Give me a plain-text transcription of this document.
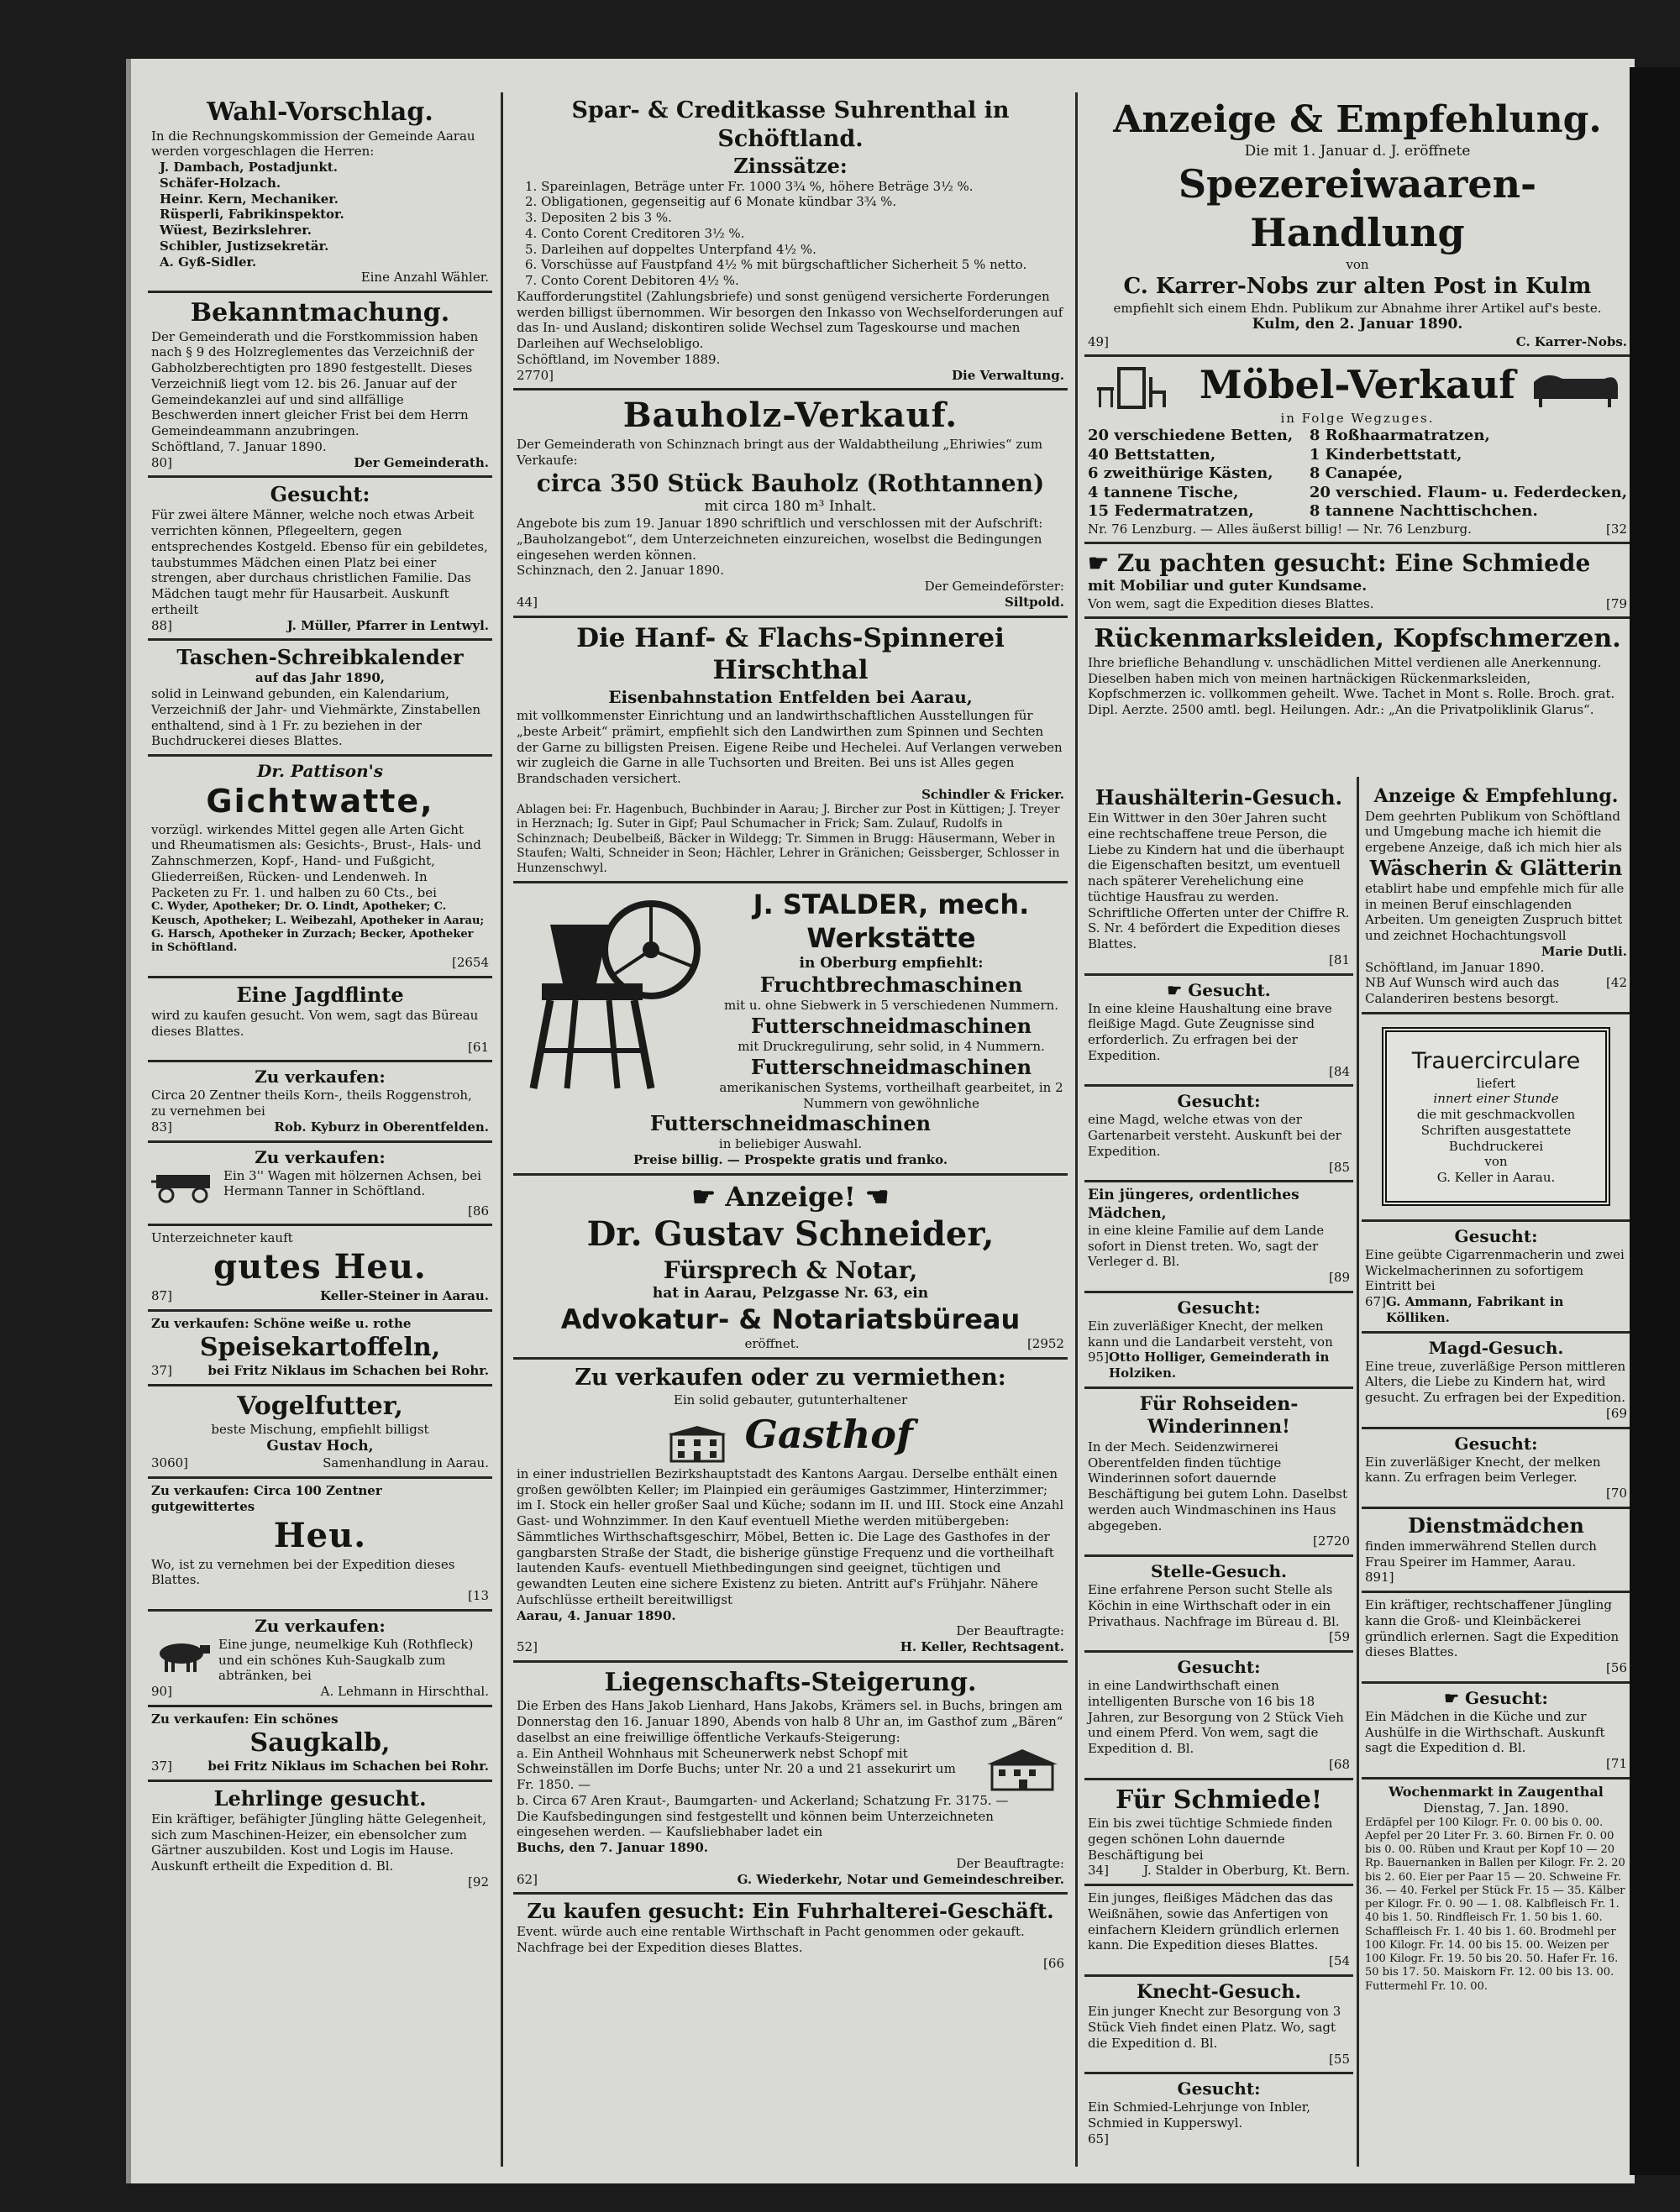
Wahl-Vorschlag.

In die Rechnungskommission der Gemeinde Aarau werden vorgeschlagen die Herren:

J. Dambach, Postadjunkt.

Schäfer-Holzach.

Heinr. Kern, Mechaniker.

Rüsperli, Fabrikinspektor.

Wüest, Bezirkslehrer.

Schibler, Justizsekretär.

A. Gyß-Sidler.

Eine Anzahl Wähler.

Bekanntmachung.

Der Gemeinderath und die Forstkommission haben nach § 9 des Holzreglementes das Verzeichniß der Gabholzberechtigten pro 1890 festgestellt. Dieses Verzeichniß liegt vom 12. bis 26. Januar auf der Gemeindekanzlei auf und sind allfällige Beschwerden innert gleicher Frist bei dem Herrn Gemeindeammann anzubringen.

Schöftland, 7. Januar 1890.

80]	Der Gemeinderath.
Gesucht:

Für zwei ältere Männer, welche noch etwas Arbeit verrichten können, Pflegeeltern, gegen entsprechendes Kostgeld. Ebenso für ein gebildetes, taubstummes Mädchen einen Platz bei einer strengen, aber durchaus christlichen Familie. Das Mädchen taugt mehr für Hausarbeit. Auskunft ertheilt

88]	J. Müller, Pfarrer in Lentwyl.
Taschen-Schreibkalender
auf das Jahr 1890,

solid in Leinwand gebunden, ein Kalendarium, Verzeichniß der Jahr- und Viehmärkte, Zinstabellen enthaltend, sind à 1 Fr. zu beziehen in der Buchdruckerei dieses Blattes.

Dr. Pattison's
Gichtwatte,

vorzügl. wirkendes Mittel gegen alle Arten Gicht und Rheumatismen als: Gesichts-, Brust-, Hals- und Zahnschmerzen, Kopf-, Hand- und Fußgicht, Gliederreißen, Rücken- und Lendenweh. In Packeten zu Fr. 1. und halben zu 60 Cts., bei

C. Wyder, Apotheker; Dr. O. Lindt, Apotheker; C. Keusch, Apotheker; L. Weibezahl, Apotheker in Aarau; G. Harsch, Apotheker in Zurzach; Becker, Apotheker in Schöftland.

[2654

Eine Jagdflinte

wird zu kaufen gesucht. Von wem, sagt das Büreau dieses Blattes.

[61

Zu verkaufen:

Circa 20 Zentner theils Korn-, theils Roggenstroh, zu vernehmen bei

83]	Rob. Kyburz in Oberentfelden.
Zu verkaufen:

Ein 3'' Wagen mit hölzernen Achsen, bei Hermann Tanner in Schöftland.

[86

Unterzeichneter kauft

gutes Heu.
87]	Keller-Steiner in Aarau.

Zu verkaufen: Schöne weiße u. rothe

Speisekartoffeln,
37]	bei Fritz Niklaus im Schachen bei Rohr.
Vogelfutter,

beste Mischung, empfiehlt billigst

Gustav Hoch,

3060]	Samenhandlung in Aarau.

Zu verkaufen: Circa 100 Zentner gutgewittertes

Heu.

Wo, ist zu vernehmen bei der Expedition dieses Blattes.

[13

Zu verkaufen:

Eine junge, neumelkige Kuh (Rothfleck) und ein schönes Kuh-Saugkalb zum abtränken, bei

90]	A. Lehmann in Hirschthal.

Zu verkaufen: Ein schönes

Saugkalb,
37]	bei Fritz Niklaus im Schachen bei Rohr.
Lehrlinge gesucht.

Ein kräftiger, befähigter Jüngling hätte Gelegenheit, sich zum Maschinen-Heizer, ein ebensolcher zum Gärtner auszubilden. Kost und Logis im Hause. Auskunft ertheilt die Expedition d. Bl.

[92

Spar- & Creditkasse Suhrenthal in Schöftland.
Zinssätze:

1. Spareinlagen, Beträge unter Fr. 1000 3¾ %, höhere Beträge 3½ %.

2. Obligationen, gegenseitig auf 6 Monate kündbar 3¾ %.

3. Depositen 2 bis 3 %.

4. Conto Corent Creditoren 3½ %.

5. Darleihen auf doppeltes Unterpfand 4½ %.

6. Vorschüsse auf Faustpfand 4½ % mit bürgschaftlicher Sicherheit 5 % netto.

7. Conto Corent Debitoren 4½ %.

Kaufforderungstitel (Zahlungsbriefe) und sonst genügend versicherte Forderungen werden billigst übernommen. Wir besorgen den Inkasso von Wechselforderungen auf das In- und Ausland; diskontiren solide Wechsel zum Tageskourse und machen Darleihen auf Wechselobligo.

Schöftland, im November 1889.

2770]	Die Verwaltung.
Bauholz-Verkauf.

Der Gemeinderath von Schinznach bringt aus der Waldabtheilung „Ehriwies“ zum Verkaufe:

circa 350 Stück Bauholz (Rothtannen)

mit circa 180 m³ Inhalt.

Angebote bis zum 19. Januar 1890 schriftlich und verschlossen mit der Aufschrift: „Bauholzangebot“, dem Unterzeichneten einzureichen, woselbst die Bedingungen eingesehen werden können.

Schinznach, den 2. Januar 1890.

Der Gemeindeförster:

44]	Siltpold.
Die Hanf- & Flachs-Spinnerei Hirschthal
Eisenbahnstation Entfelden bei Aarau,

mit vollkommenster Einrichtung und an landwirthschaftlichen Ausstellungen für „beste Arbeit“ prämirt, empfiehlt sich den Landwirthen zum Spinnen und Sechten der Garne zu billigsten Preisen. Eigene Reibe und Hechelei. Auf Verlangen verweben wir zugleich die Garne in alle Tuchsorten und Breiten. Bei uns ist Alles gegen Brandschaden versichert.

Schindler & Fricker.

Ablagen bei: Fr. Hagenbuch, Buchbinder in Aarau; J. Bircher zur Post in Küttigen; J. Treyer in Herznach; Ig. Suter in Gipf; Paul Schumacher in Frick; Sam. Zulauf, Rudolfs in Schinznach; Deubelbeiß, Bäcker in Wildegg; Tr. Simmen in Brugg: Häusermann, Weber in Staufen; Walti, Schneider in Seon; Hächler, Lehrer in Gränichen; Geissberger, Schlosser in Hunzenschwyl.

J. STALDER, mech. Werkstätte
in Oberburg empfiehlt:
Fruchtbrechmaschinen
mit u. ohne Siebwerk in 5 verschiedenen Nummern.
Futterschneidmaschinen
mit Druckregulirung, sehr solid, in 4 Nummern.
Futterschneidmaschinen
amerikanischen Systems, vortheilhaft gearbeitet, in 2 Nummern von gewöhnliche
Futterschneidmaschinen
in beliebiger Auswahl.
Preise billig. — Prospekte gratis und franko.
☛ Anzeige! ☚
Dr. Gustav Schneider,
Fürsprech & Notar,
hat in Aarau, Pelzgasse Nr. 63, ein
Advokatur- & Notariatsbüreau
eröffnet.	[2952
Zu verkaufen oder zu vermiethen:
Ein solid gebauter, gutunterhaltener
Gasthof

in einer industriellen Bezirkshauptstadt des Kantons Aargau. Derselbe enthält einen großen gewölbten Keller; im Plainpied ein geräumiges Gastzimmer, Hinterzimmer; im I. Stock ein heller großer Saal und Küche; sodann im II. und III. Stock eine Anzahl Gast- und Wohnzimmer. In den Kauf eventuell Miethe werden mitübergeben: Sämmtliches Wirthschaftsgeschirr, Möbel, Betten ic. Die Lage des Gasthofes in der gangbarsten Straße der Stadt, die bisherige günstige Frequenz und die vortheilhaft lautenden Kaufs- eventuell Miethbedingungen sind geeignet, tüchtigen und gewandten Leuten eine sichere Existenz zu bieten. Antritt auf's Frühjahr. Nähere Aufschlüsse ertheilt bereitwilligst

Aarau, 4. Januar 1890.

Der Beauftragte:

52]	H. Keller, Rechtsagent.
Liegenschafts-Steigerung.

Die Erben des Hans Jakob Lienhard, Hans Jakobs, Krämers sel. in Buchs, bringen am Donnerstag den 16. Januar 1890, Abends von halb 8 Uhr an, im Gasthof zum „Bären“ daselbst an eine freiwillige öffentliche Verkaufs-Steigerung:

a. Ein Antheil Wohnhaus mit Scheunerwerk nebst Schopf mit Schweinställen im Dorfe Buchs; unter Nr. 20 a und 21 assekurirt um Fr. 1850. —

b. Circa 67 Aren Kraut-, Baumgarten- und Ackerland; Schatzung Fr. 3175. —

Die Kaufsbedingungen sind festgestellt und können beim Unterzeichneten eingesehen werden. — Kaufsliebhaber ladet ein

Buchs, den 7. Januar 1890.

Der Beauftragte:

62]	G. Wiederkehr, Notar und Gemeindeschreiber.
Zu kaufen gesucht: Ein Fuhrhalterei-Geschäft.

Event. würde auch eine rentable Wirthschaft in Pacht genommen oder gekauft. Nachfrage bei der Expedition dieses Blattes.

[66

Anzeige & Empfehlung.
Die mit 1. Januar d. J. eröffnete
Spezereiwaaren-Handlung
von
C. Karrer-Nobs zur alten Post in Kulm

empfiehlt sich einem Ehdn. Publikum zur Abnahme ihrer Artikel auf's beste.

Kulm, den 2. Januar 1890.

49]	C. Karrer-Nobs.
Möbel-Verkauf
in Folge Wegzuges.

20 verschiedene Betten,

40 Bettstatten,

6 zweithürige Kästen,

4 tannene Tische,

15 Federmatratzen,

8 Roßhaarmatratzen,

1 Kinderbettstatt,

8 Canapée,

20 verschied. Flaum- u. Federdecken,

8 tannene Nachttischchen.

Nr. 76 Lenzburg. — Alles äußerst billig! — Nr. 76 Lenzburg.	[32
☛ Zu pachten gesucht: Eine Schmiede
mit Mobiliar und guter Kundsame.
Von wem, sagt die Expedition dieses Blattes.	[79
Rückenmarksleiden, Kopfschmerzen.

Ihre briefliche Behandlung v. unschädlichen Mittel verdienen alle Anerkennung. Dieselben haben mich von meinen hartnäckigen Rückenmarksleiden, Kopfschmerzen ic. vollkommen geheilt. Wwe. Tachet in Mont s. Rolle. Broch. grat. Dipl. Aerzte. 2500 amtl. begl. Heilungen. Adr.: „An die Privatpoliklinik Glarus“.

Haushälterin-Gesuch.

Ein Wittwer in den 30er Jahren sucht eine rechtschaffene treue Person, die Liebe zu Kindern hat und die überhaupt die Eigenschaften besitzt, um eventuell nach späterer Verehelichung eine tüchtige Hausfrau zu werden. Schriftliche Offerten unter der Chiffre R. S. Nr. 4 befördert die Expedition dieses Blattes.

[81

☛ Gesucht.

In eine kleine Haushaltung eine brave fleißige Magd. Gute Zeugnisse sind erforderlich. Zu erfragen bei der Expedition.

[84

Gesucht:

eine Magd, welche etwas von der Gartenarbeit versteht. Auskunft bei der Expedition.

[85

Ein jüngeres, ordentliches Mädchen,

in eine kleine Familie auf dem Lande sofort in Dienst treten. Wo, sagt der Verleger d. Bl.

[89

Gesucht:

Ein zuverläßiger Knecht, der melken kann und die Landarbeit versteht, von

95] Otto Holliger, Gemeinderath in Holziken.
Für Rohseiden-Winderinnen!

In der Mech. Seidenzwirnerei Oberentfelden finden tüchtige Winderinnen sofort dauernde Beschäftigung bei gutem Lohn. Daselbst werden auch Windmaschinen ins Haus abgegeben.

[2720

Stelle-Gesuch.

Eine erfahrene Person sucht Stelle als Köchin in eine Wirthschaft oder in ein Privathaus. Nachfrage im Büreau d. Bl.

[59

Gesucht:

in eine Landwirthschaft einen intelligenten Bursche von 16 bis 18 Jahren, zur Besorgung von 2 Stück Vieh und einem Pferd. Von wem, sagt die Expedition d. Bl.

[68

Für Schmiede!

Ein bis zwei tüchtige Schmiede finden gegen schönen Lohn dauernde Beschäftigung bei

34]	J. Stalder in Oberburg, Kt. Bern.

Ein junges, fleißiges Mädchen das das Weißnähen, sowie das Anfertigen von einfachern Kleidern gründlich erlernen kann. Die Expedition dieses Blattes.

[54

Knecht-Gesuch.

Ein junger Knecht zur Besorgung von 3 Stück Vieh findet einen Platz. Wo, sagt die Expedition d. Bl.

[55

Gesucht:

Ein Schmied-Lehrjunge von Inbler, Schmied in Kupperswyl.

65]

Anzeige & Empfehlung.

Dem geehrten Publikum von Schöftland und Umgebung mache ich hiemit die ergebene Anzeige, daß ich mich hier als

Wäscherin & Glätterin

etablirt habe und empfehle mich für alle in meinen Beruf einschlagenden Arbeiten. Um geneigten Zuspruch bittet und zeichnet Hochachtungsvoll

Marie Dutli.

Schöftland, im Januar 1890.

NB Auf Wunsch wird auch das Calanderiren bestens besorgt.
[42
Trauercirculare
liefert
innert einer Stunde
die mit geschmackvollen Schriften ausgestattete Buchdruckerei
von
G. Keller in Aarau.
Gesucht:

Eine geübte Cigarrenmacherin und zwei Wickelmacherinnen zu sofortigem Eintritt bei

67] G. Ammann, Fabrikant in Kölliken.
Magd-Gesuch.

Eine treue, zuverläßige Person mittleren Alters, die Liebe zu Kindern hat, wird gesucht. Zu erfragen bei der Expedition.

[69

Gesucht:

Ein zuverläßiger Knecht, der melken kann. Zu erfragen beim Verleger.

[70

Dienstmädchen

finden immerwährend Stellen durch Frau Speirer im Hammer, Aarau.

891]

Ein kräftiger, rechtschaffener Jüngling kann die Groß- und Kleinbäckerei gründlich erlernen. Sagt die Expedition dieses Blattes.

[56

☛ Gesucht:

Ein Mädchen in die Küche und zur Aushülfe in die Wirthschaft. Auskunft sagt die Expedition d. Bl.

[71

Wochenmarkt in Zaugenthal
Dienstag, 7. Jan. 1890.

Erdäpfel per 100 Kilogr. Fr. 0. 00 bis 0. 00. Aepfel per 20 Liter Fr. 3. 60. Birnen Fr. 0. 00 bis 0. 00. Rüben und Kraut per Kopf 10 — 20 Rp. Bauernanken in Ballen per Kilogr. Fr. 2. 20 bis 2. 60. Eier per Paar 15 — 20. Schweine Fr. 36. — 40. Ferkel per Stück Fr. 15 — 35. Kälber per Kilogr. Fr. 0. 90 — 1. 08. Kalbfleisch Fr. 1. 40 bis 1. 50. Rindfleisch Fr. 1. 50 bis 1. 60. Schaffleisch Fr. 1. 40 bis 1. 60. Brodmehl per 100 Kilogr. Fr. 14. 00 bis 15. 00. Weizen per 100 Kilogr. Fr. 19. 50 bis 20. 50. Hafer Fr. 16. 50 bis 17. 50. Maiskorn Fr. 12. 00 bis 13. 00. Futtermehl Fr. 10. 00.
